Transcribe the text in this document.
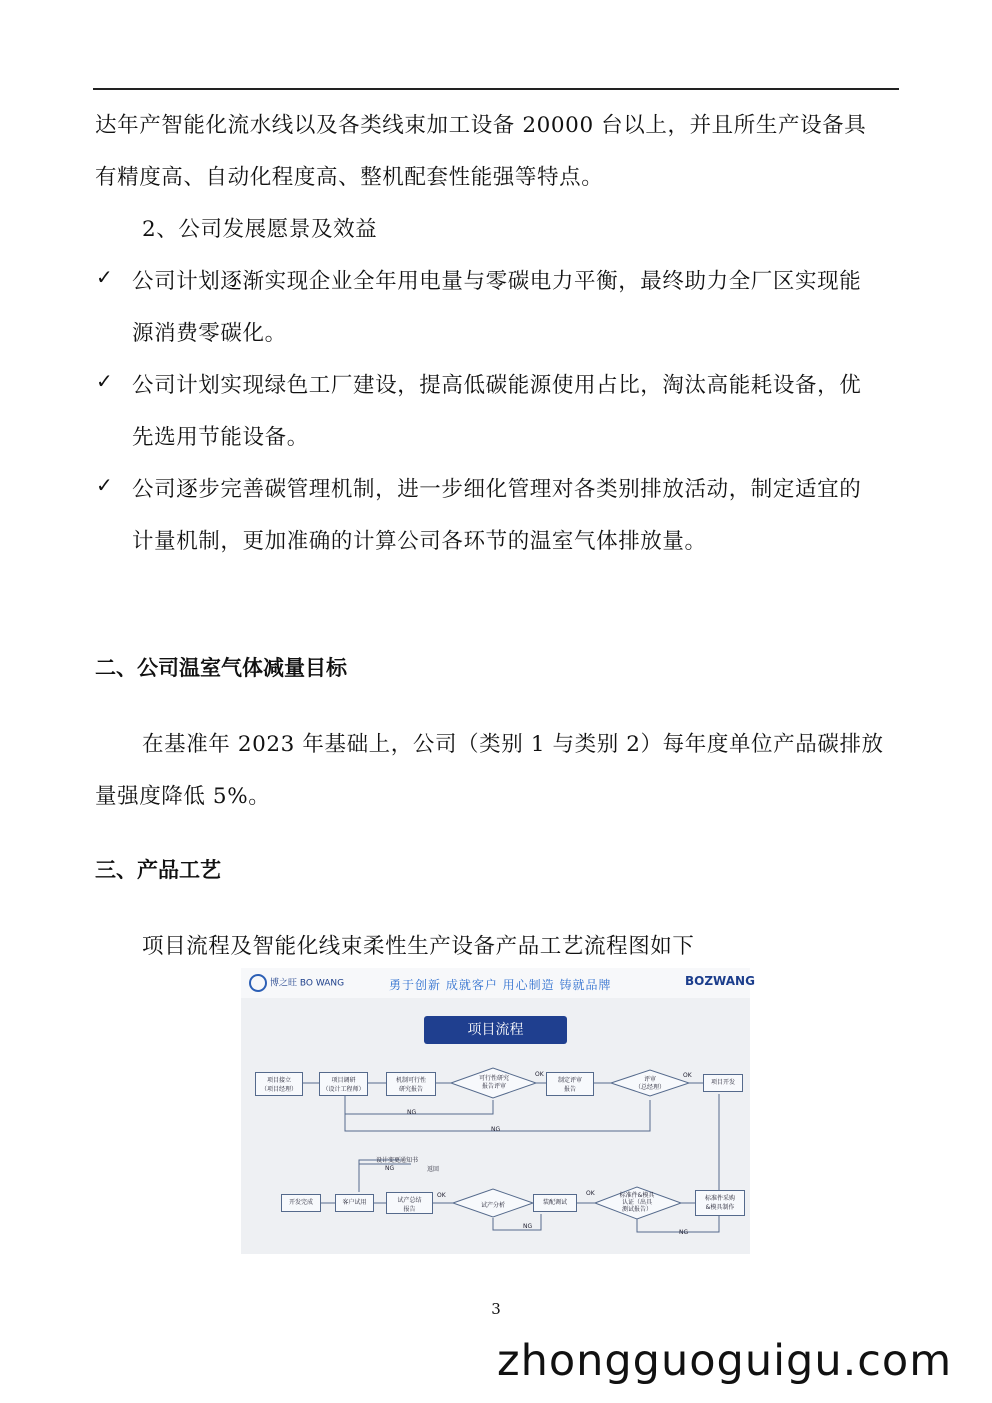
达年产智能化流水线以及各类线束加工设备 20000 台以上，并且所生产设备具
有精度高、自动化程度高、整机配套性能强等特点。
2、公司发展愿景及效益
✓ 公司计划逐渐实现企业全年用电量与零碳电力平衡，最终助力全厂区实现能
源消费零碳化。
✓ 公司计划实现绿色工厂建设，提高低碳能源使用占比，淘汰高能耗设备，优
先选用节能设备。
✓ 公司逐步完善碳管理机制，进一步细化管理对各类别排放活动，制定适宜的
计量机制，更加准确的计算公司各环节的温室气体排放量。
二、公司温室气体减量目标
在基准年 2023 年基础上，公司（类别 1 与类别 2）每年度单位产品碳排放
量强度降低 5%。
三、产品工艺
项目流程及智能化线束柔性生产设备产品工艺流程图如下
博之旺 BO WANG	勇于创新 成就客户 用心制造 铸就品牌	BOZWANG
项目流程
项目接立
（项目经理）
项目调研
（设计工程师）
机制可行性
研究报告
可行性研究
报告评审
制定评审
报告
评审
（总经理）
项目开发
开发完成	客户试用	试产总结
报告
试产分析	装配调试
标准件&模具
认证（出具
测试报告）
标准件采购
&模具制作
OK	OK
NG
NG
设计变更通知书
NG	返回
OK	OK
NG
NG
3
zhongguoguigu.com
